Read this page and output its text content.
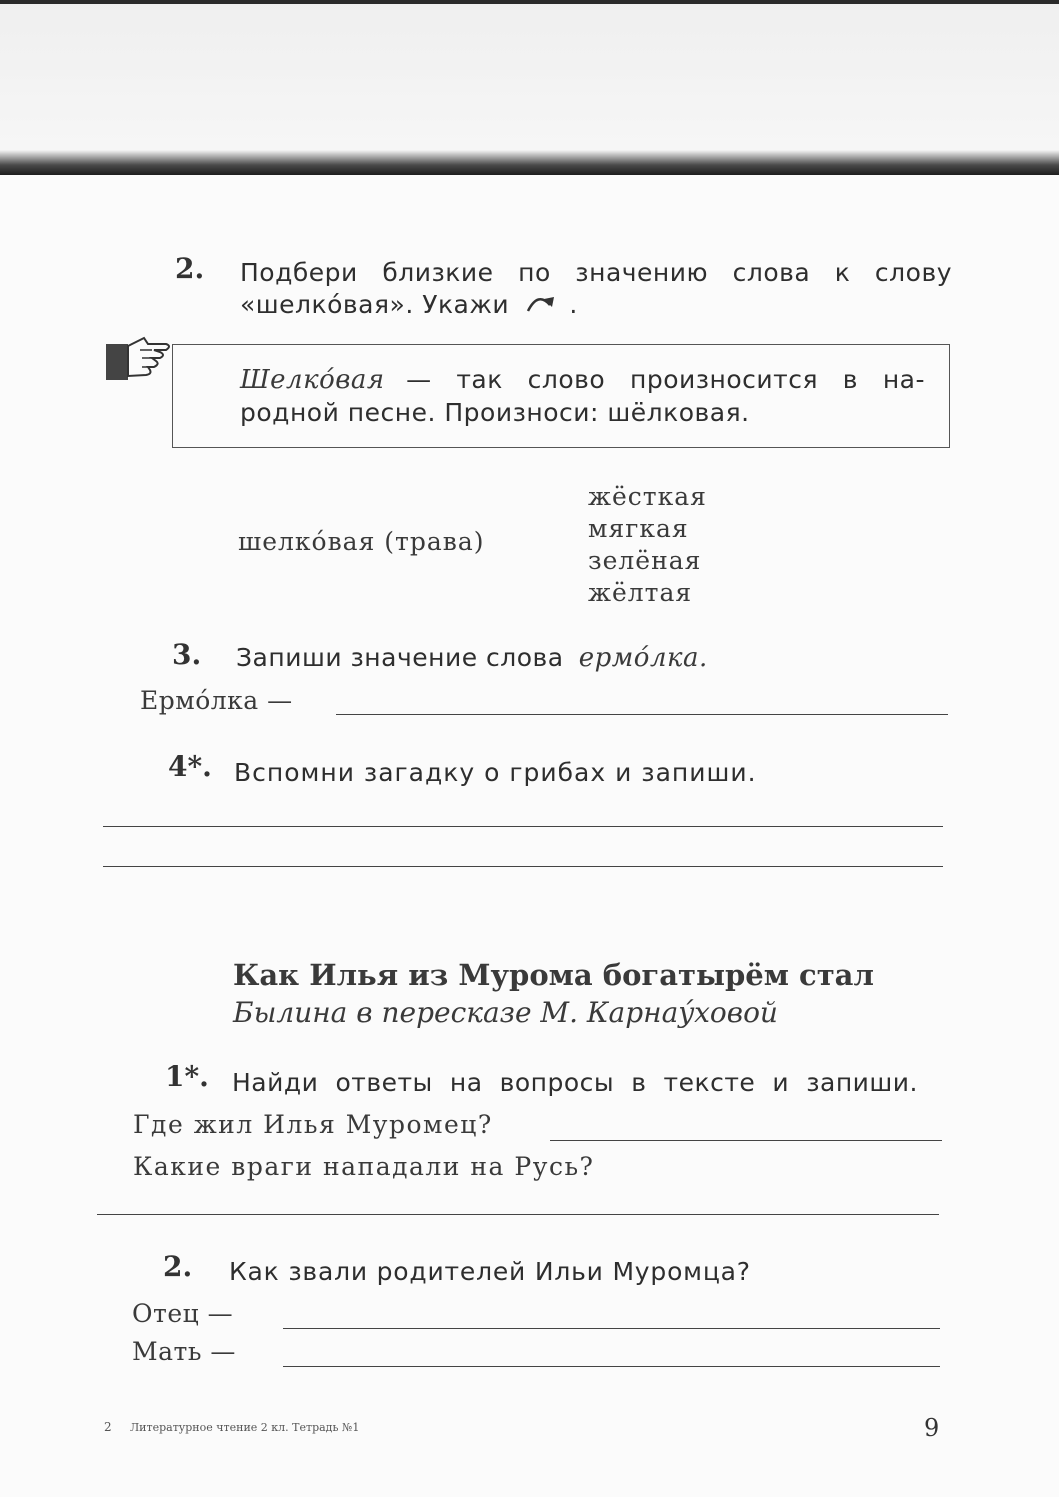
2. Подбери близкие по значению слова к слову
«шелкóвая». Укажи .
Шелкóвая — так слово произносится в на-
родной песне. Произноси: шёлковая.
шелкóвая (трава)
жёсткая
мягкая
зелёная
жёлтая
3. Запиши значение слова ермóлка.
Ермóлка —
4*. Вспомни загадку о грибах и запиши.
Как Илья из Мурома богатырём стал
Былина в пересказе М. Карнаýховой
1*. Найди ответы на вопросы в тексте и запиши.
Где жил Илья Муромец?
Какие враги нападали на Русь?
2. Как звали родителей Ильи Муромца?
Отец —
Мать —
2 Литературное чтение 2 кл. Тетрадь №1	9
